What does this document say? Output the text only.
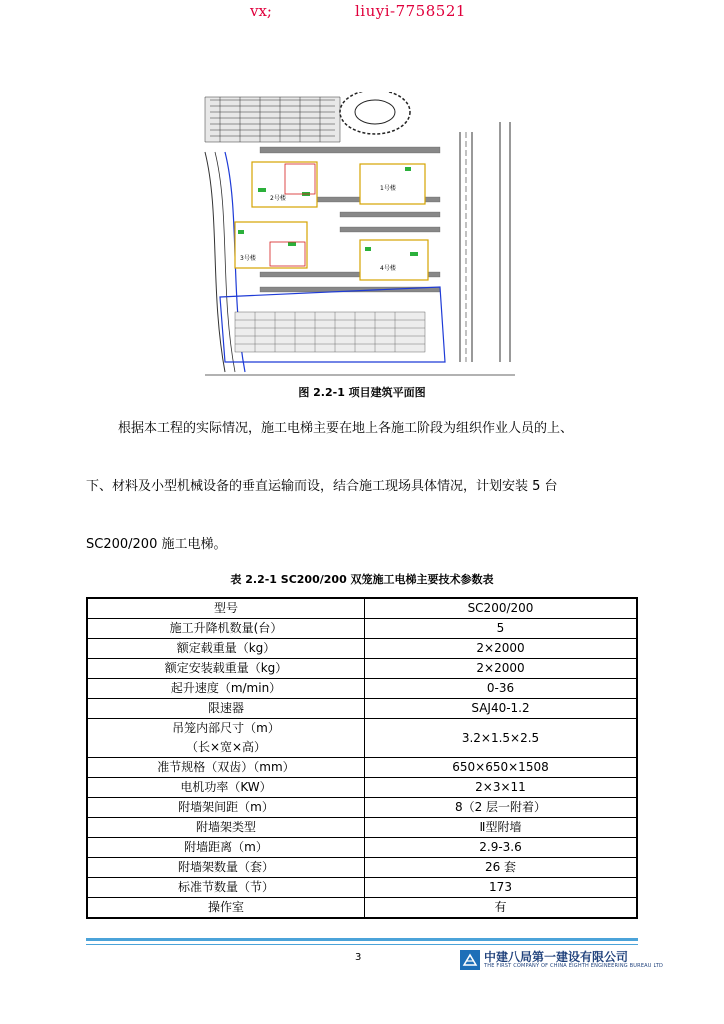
vx;	liuyi-7758521
2号楼
1号楼
3号楼
4号楼
图 2.2-1 项目建筑平面图
根据本工程的实际情况，施工电梯主要在地上各施工阶段为组织作业人员的上、
下、材料及小型机械设备的垂直运输而设，结合施工现场具体情况，计划安装 5 台
SC200/200 施工电梯。
表 2.2-1 SC200/200 双笼施工电梯主要技术参数表
型号	SC200/200
施工升降机数量(台）	5
额定载重量（kg）	2×2000
额定安装载重量（kg）	2×2000
起升速度（m/min）	0-36
限速器	SAJ40-1.2

吊笼内部尺寸（m）
（长×宽×高）	3.2×1.5×2.5
准节规格（双齿）（mm）	650×650×1508
电机功率（KW）	2×3×11
附墙架间距（m）	8（2 层一附着）
附墙架类型	Ⅱ型附墙
附墙距离（m）	2.9-3.6
附墙架数量（套）	26 套
标准节数量（节）	173
操作室	有
3	中建八局第一建设有限公司
THE FIRST COMPANY OF CHINA EIGHTH ENGINEERING BUREAU LTD
